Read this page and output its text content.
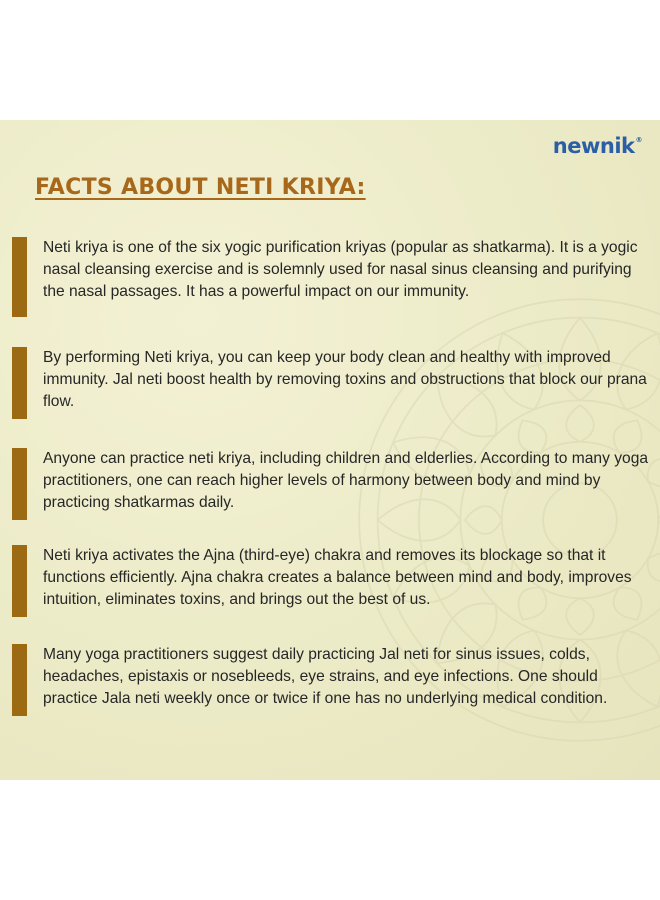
newnik®
FACTS ABOUT NETI KRIYA:
Neti kriya is one of the six yogic purification kriyas (popular as shatkarma). It is a yogic nasal cleansing exercise and is solemnly used for nasal sinus cleansing and purifying the nasal passages. It has a powerful impact on our immunity.
By performing Neti kriya, you can keep your body clean and healthy with improved immunity. Jal neti boost health by removing toxins and obstructions that block our prana flow.
Anyone can practice neti kriya, including children and elderlies. According to many yoga practitioners, one can reach higher levels of harmony between body and mind by practicing shatkarmas daily.
Neti kriya activates the Ajna (third-eye) chakra and removes its blockage so that it functions efficiently. Ajna chakra creates a balance between mind and body, improves intuition, eliminates toxins, and brings out the best of us.
Many yoga practitioners suggest daily practicing Jal neti for sinus issues, colds, headaches, epistaxis or nosebleeds, eye strains, and eye infections. One should practice Jala neti weekly once or twice if one has no underlying medical condition.
